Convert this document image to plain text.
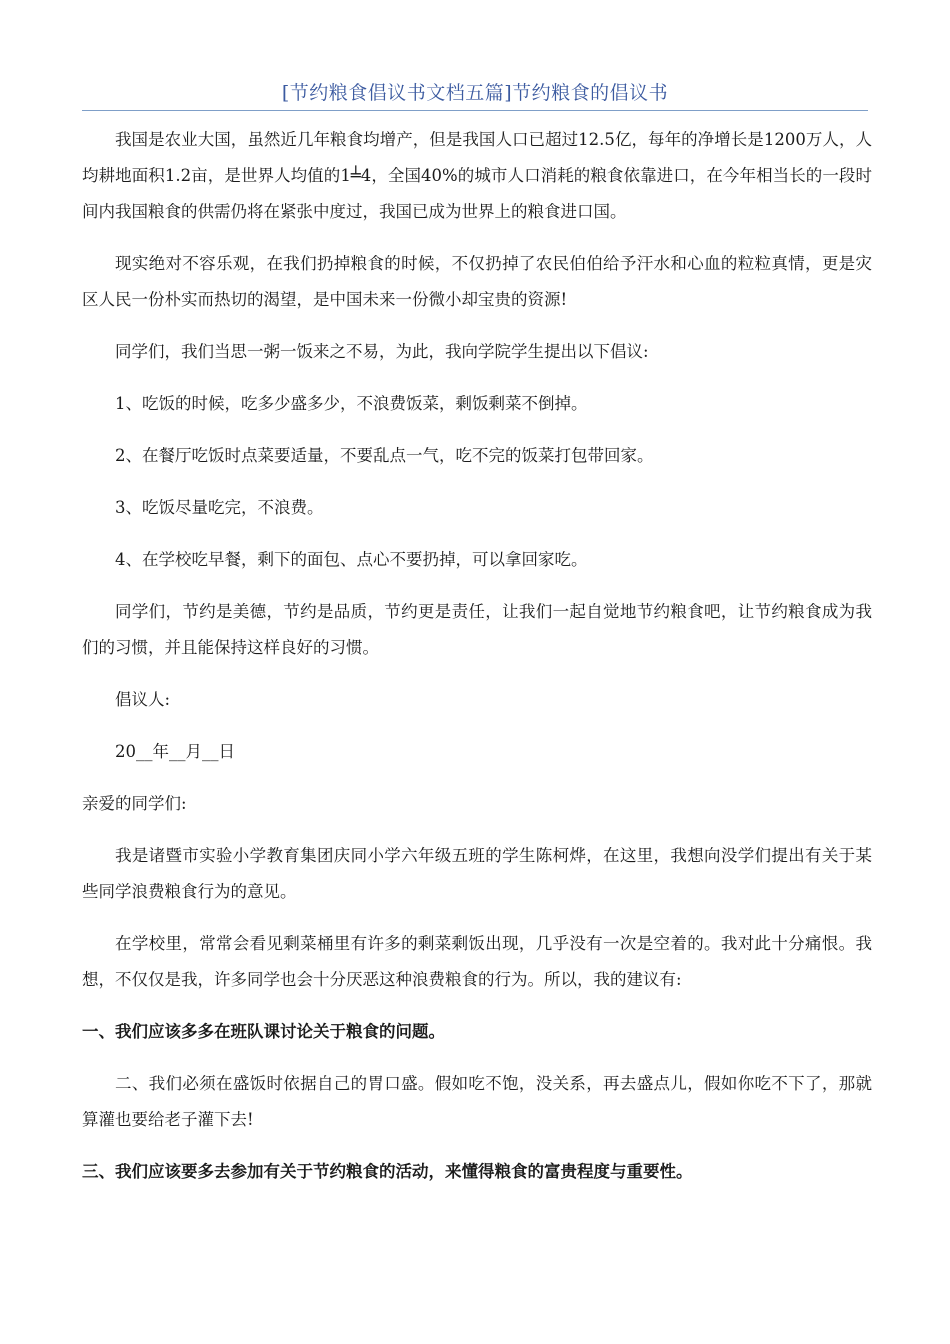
[节约粮食倡议书文档五篇]节约粮食的倡议书

我国是农业大国，虽然近几年粮食均增产，但是我国人口已超过12.5亿，每年的净增长是1200万人，人均耕地面积1.2亩，是世界人均值的1╧4，全国40%的城市人口消耗的粮食依靠进口，在今年相当长的一段时间内我国粮食的供需仍将在紧张中度过，我国已成为世界上的粮食进口国。

现实绝对不容乐观，在我们扔掉粮食的时候，不仅扔掉了农民伯伯给予汗水和心血的粒粒真情，更是灾区人民一份朴实而热切的渴望，是中国未来一份微小却宝贵的资源!

同学们，我们当思一粥一饭来之不易，为此，我向学院学生提出以下倡议:

1、吃饭的时候，吃多少盛多少，不浪费饭菜，剩饭剩菜不倒掉。

2、在餐厅吃饭时点菜要适量，不要乱点一气，吃不完的饭菜打包带回家。

3、吃饭尽量吃完，不浪费。

4、在学校吃早餐，剩下的面包、点心不要扔掉，可以拿回家吃。

同学们，节约是美德，节约是品质，节约更是责任，让我们一起自觉地节约粮食吧，让节约粮食成为我们的习惯，并且能保持这样良好的习惯。

倡议人:

20__年__月__日

亲爱的同学们:

我是诸暨市实验小学教育集团庆同小学六年级五班的学生陈柯烨，在这里，我想向没学们提出有关于某些同学浪费粮食行为的意见。

在学校里，常常会看见剩菜桶里有许多的剩菜剩饭出现，几乎没有一次是空着的。我对此十分痛恨。我想，不仅仅是我，许多同学也会十分厌恶这种浪费粮食的行为。所以，我的建议有:

一、我们应该多多在班队课讨论关于粮食的问题。

二、我们必须在盛饭时依据自己的胃口盛。假如吃不饱，没关系，再去盛点儿，假如你吃不下了，那就算灌也要给老子灌下去!

三、我们应该要多去参加有关于节约粮食的活动，来懂得粮食的富贵程度与重要性。
